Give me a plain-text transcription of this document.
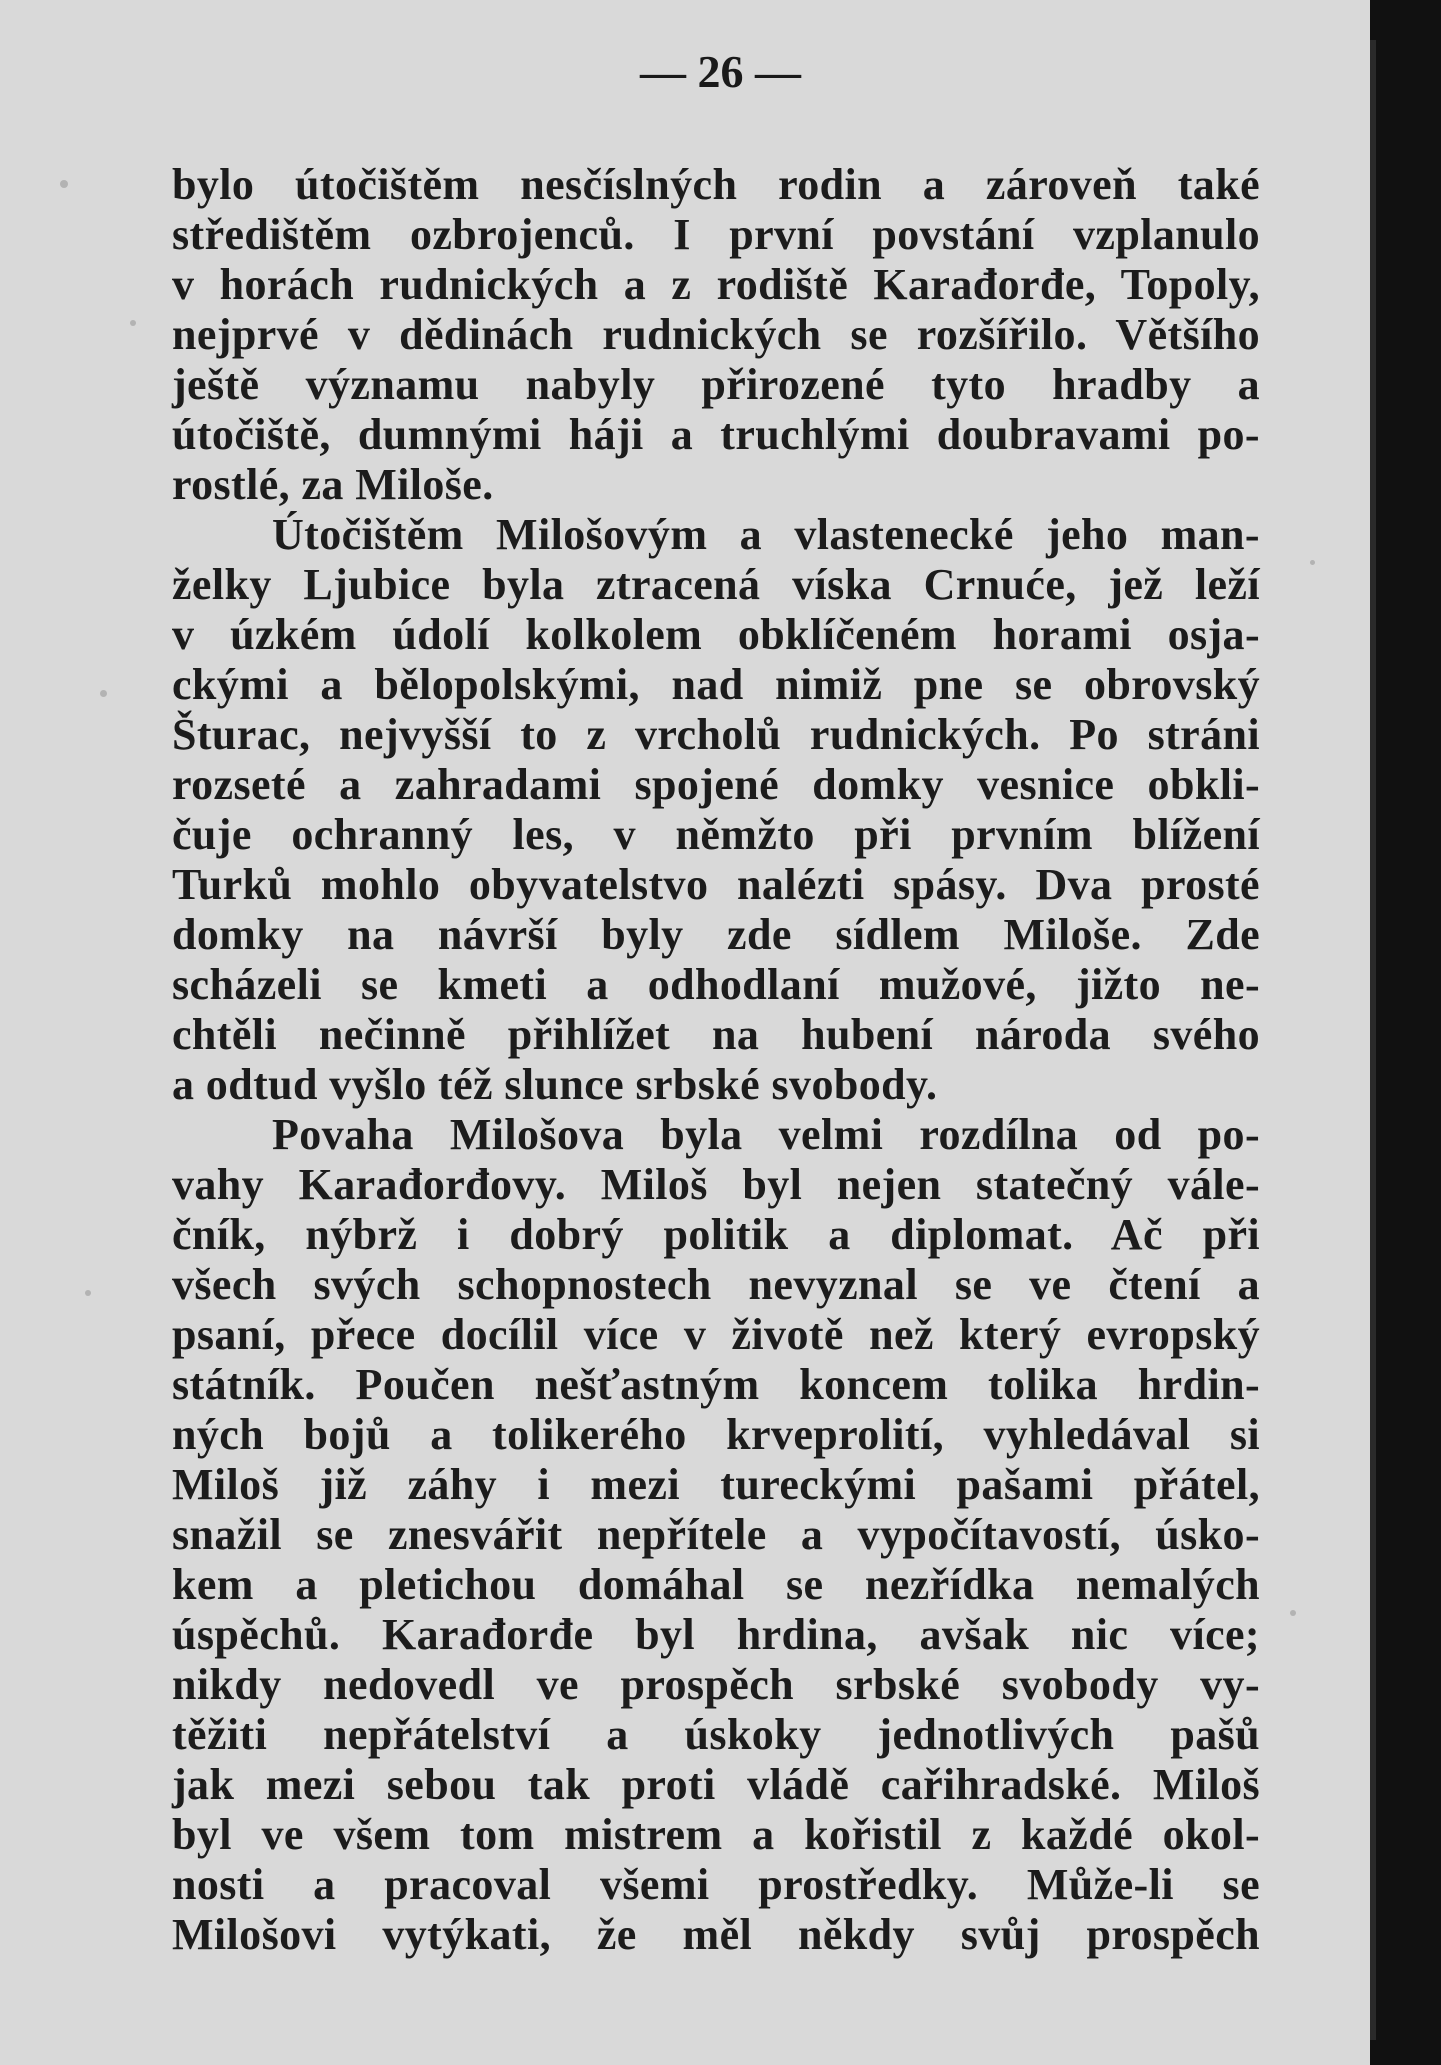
— 26 —
bylo útočištěm nesčíslných rodin a zároveň také
středištěm ozbrojenců. I první povstání vzplanulo
v horách rudnických a z rodiště Karađorđe, Topoly,
nejprvé v dědinách rudnických se rozšířilo. Většího
ještě významu nabyly přirozené tyto hradby a
útočiště, dumnými háji a truchlými doubravami po-
rostlé, za Miloše.
Útočištěm Milošovým a vlastenecké jeho man-
želky Ljubice byla ztracená víska Crnuće, jež leží
v úzkém údolí kolkolem obklíčeném horami osja-
ckými a bělopolskými, nad nimiž pne se obrovský
Šturac, nejvyšší to z vrcholů rudnických. Po stráni
rozseté a zahradami spojené domky vesnice obkli-
čuje ochranný les, v němžto při prvním blížení
Turků mohlo obyvatelstvo nalézti spásy. Dva prosté
domky na návrší byly zde sídlem Miloše. Zde
scházeli se kmeti a odhodlaní mužové, jižto ne-
chtěli nečinně přihlížet na hubení národa svého
a odtud vyšlo též slunce srbské svobody.
Povaha Milošova byla velmi rozdílna od po-
vahy Karađorđovy. Miloš byl nejen statečný vále-
čník, nýbrž i dobrý politik a diplomat. Ač při
všech svých schopnostech nevyznal se ve čtení a
psaní, přece docílil více v životě než který evropský
státník. Poučen nešťastným koncem tolika hrdin-
ných bojů a tolikerého krveprolití, vyhledával si
Miloš již záhy i mezi tureckými pašami přátel,
snažil se znesvářit nepřítele a vypočítavostí, úsko-
kem a pletichou domáhal se nezřídka nemalých
úspěchů. Karađorđe byl hrdina, avšak nic více;
nikdy nedovedl ve prospěch srbské svobody vy-
těžiti nepřátelství a úskoky jednotlivých pašů
jak mezi sebou tak proti vládě cařihradské. Miloš
byl ve všem tom mistrem a kořistil z každé okol-
nosti a pracoval všemi prostředky. Může-li se
Milošovi vytýkati, že měl někdy svůj prospěch
